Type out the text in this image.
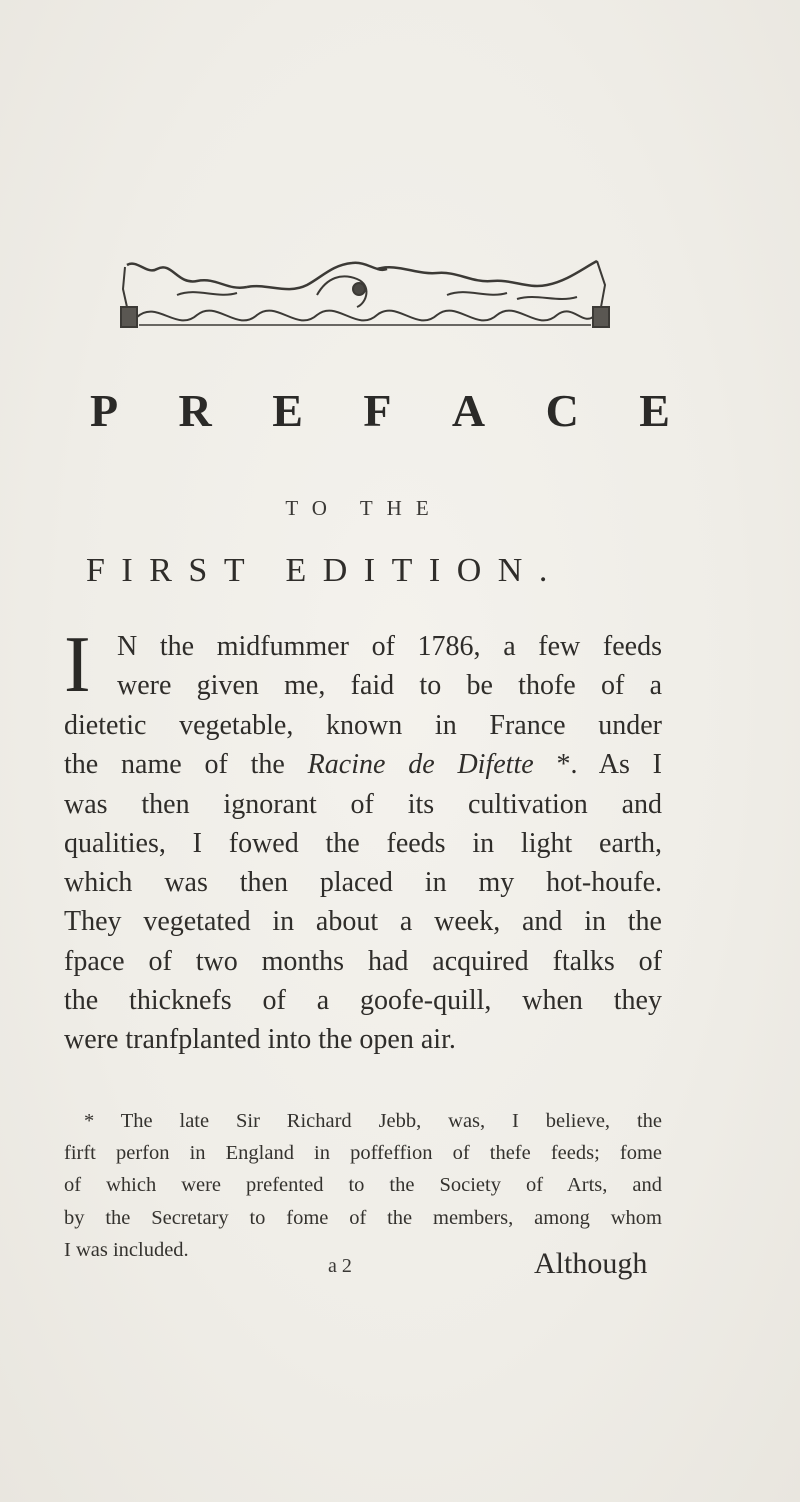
P R E F A C E
TO THE
FIRST EDITION.
I N the midfummer of 1786, a few feeds
were given me, faid to be thofe of a
dietetic vegetable, known in France under
the name of the Racine de Difette *. As I
was then ignorant of its cultivation and
qualities, I fowed the feeds in light earth,
which was then placed in my hot-houfe.
They vegetated in about a week, and in the
fpace of two months had acquired ftalks of
the thicknefs of a goofe-quill, when they
were tranfplanted into the open air.
* The late Sir Richard Jebb, was, I believe, the
firft perfon in England in poffeffion of thefe feeds; fome
of which were prefented to the Society of Arts, and
by the Secretary to fome of the members, among whom
I was included.
a 2	Although
